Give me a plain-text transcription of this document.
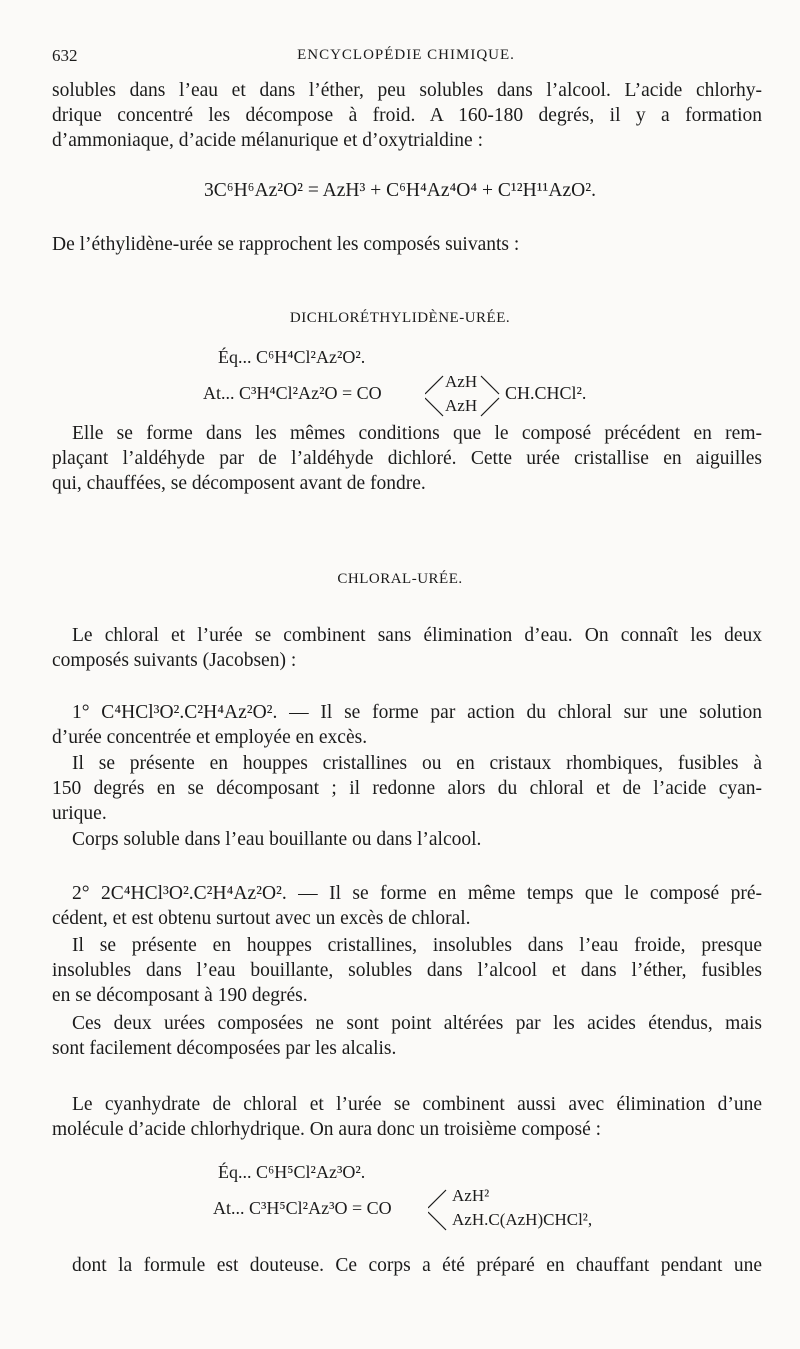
632	ENCYCLOPÉDIE CHIMIQUE.
solubles dans l’eau et dans l’éther, peu solubles dans l’alcool. L’acide chlorhy-
drique concentré les décompose à froid. A 160-180 degrés, il y a formation
d’ammoniaque, d’acide mélanurique et d’oxytrialdine :
3C⁶H⁶Az²O² = AzH³ + C⁶H⁴Az⁴O⁴ + C¹²H¹¹AzO².
De l’éthylidène-urée se rapprochent les composés suivants :
DICHLORÉTHYLIDÈNE-URÉE.
Éq... C⁶H⁴Cl²Az²O².
At... C³H⁴Cl²Az²O = CO
AzH
AzH
CH.CHCl².
Elle se forme dans les mêmes conditions que le composé précédent en rem-
plaçant l’aldéhyde par de l’aldéhyde dichloré. Cette urée cristallise en aiguilles
qui, chauffées, se décomposent avant de fondre.
CHLORAL-URÉE.
Le chloral et l’urée se combinent sans élimination d’eau. On connaît les deux
composés suivants (Jacobsen) :
1° C⁴HCl³O².C²H⁴Az²O². — Il se forme par action du chloral sur une solution
d’urée concentrée et employée en excès.
Il se présente en houppes cristallines ou en cristaux rhombiques, fusibles à
150 degrés en se décomposant ; il redonne alors du chloral et de l’acide cyan-
urique.
Corps soluble dans l’eau bouillante ou dans l’alcool.
2° 2C⁴HCl³O².C²H⁴Az²O². — Il se forme en même temps que le composé pré-
cédent, et est obtenu surtout avec un excès de chloral.
Il se présente en houppes cristallines, insolubles dans l’eau froide, presque
insolubles dans l’eau bouillante, solubles dans l’alcool et dans l’éther, fusibles
en se décomposant à 190 degrés.
Ces deux urées composées ne sont point altérées par les acides étendus, mais
sont facilement décomposées par les alcalis.
Le cyanhydrate de chloral et l’urée se combinent aussi avec élimination d’une
molécule d’acide chlorhydrique. On aura donc un troisième composé :
Éq... C⁶H⁵Cl²Az³O².
At... C³H⁵Cl²Az³O = CO
AzH²
AzH.C(AzH)CHCl²,
dont la formule est douteuse. Ce corps a été préparé en chauffant pendant une
